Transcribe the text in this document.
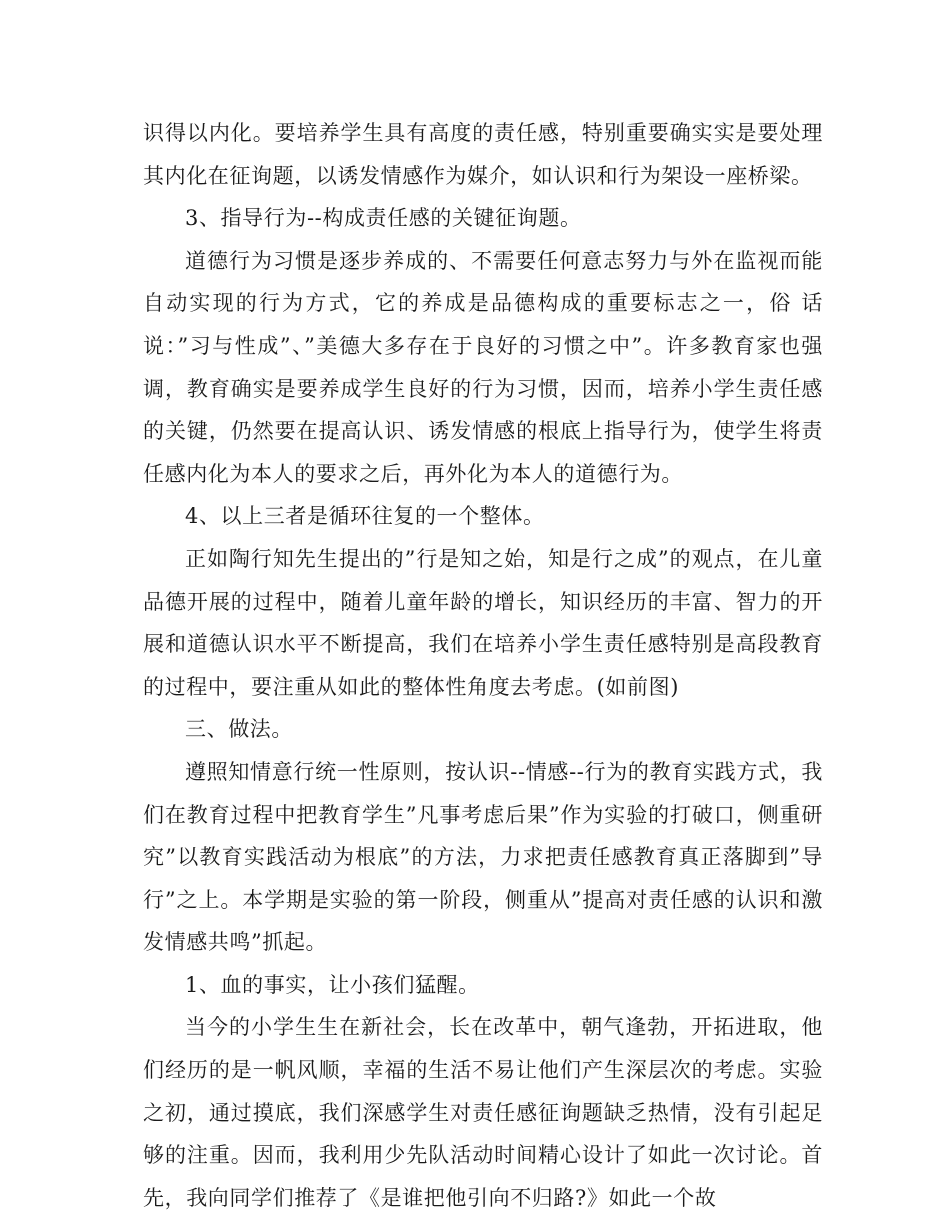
识得以内化。要培养学生具有高度的责任感，特别重要确实实是要处理其内化在征询题，以诱发情感作为媒介，如认识和行为架设一座桥梁。

3、指导行为--构成责任感的关键征询题。

道德行为习惯是逐步养成的、不需要任何意志努力与外在监视而能自动实现的行为方式，它的养成是品德构成的重要标志之一，俗 话说：”习与性成”、”美德大多存在于良好的习惯之中”。许多教育家也强调，教育确实是要养成学生良好的行为习惯，因而，培养小学生责任感的关键，仍然要在提高认识、诱发情感的根底上指导行为，使学生将责任感内化为本人的要求之后，再外化为本人的道德行为。

4、以上三者是循环往复的一个整体。

正如陶行知先生提出的”行是知之始，知是行之成”的观点，在儿童品德开展的过程中，随着儿童年龄的增长，知识经历的丰富、智力的开展和道德认识水平不断提高，我们在培养小学生责任感特别是高段教育的过程中，要注重从如此的整体性角度去考虑。(如前图)

三、做法。

遵照知情意行统一性原则，按认识--情感--行为的教育实践方式，我们在教育过程中把教育学生”凡事考虑后果”作为实验的打破口，侧重研究”以教育实践活动为根底”的方法，力求把责任感教育真正落脚到”导行”之上。本学期是实验的第一阶段，侧重从”提高对责任感的认识和激发情感共鸣”抓起。

1、血的事实，让小孩们猛醒。

当今的小学生生在新社会，长在改革中，朝气逢勃，开拓进取，他们经历的是一帆风顺，幸福的生活不易让他们产生深层次的考虑。实验之初，通过摸底，我们深感学生对责任感征询题缺乏热情，没有引起足够的注重。因而，我利用少先队活动时间精心设计了如此一次讨论。首先，我向同学们推荐了《是谁把他引向不归路?》如此一个故
